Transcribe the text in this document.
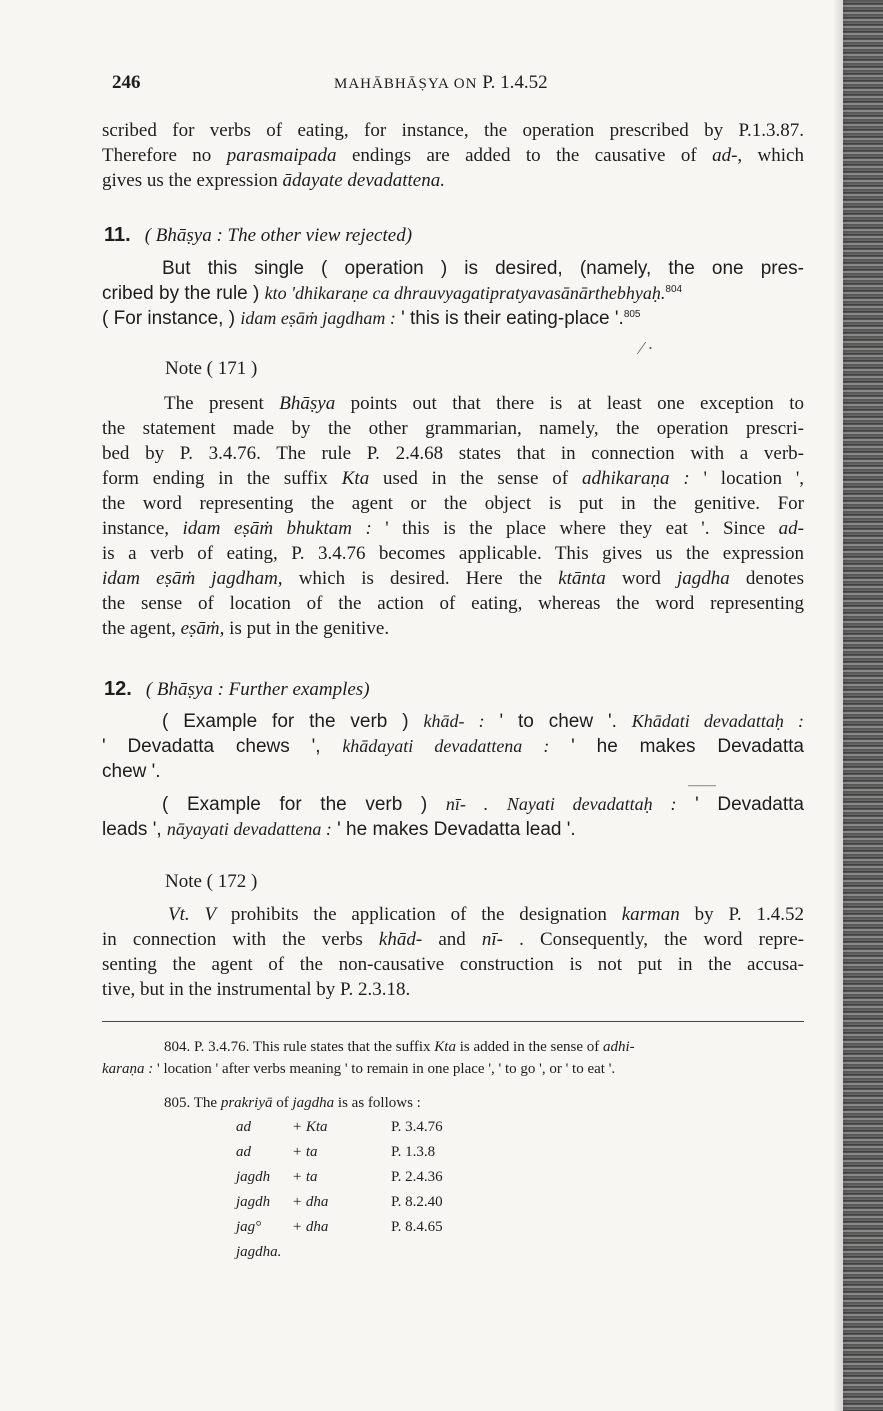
246	MAHĀBHĀṢYA ON P. 1.4.52
scribed for verbs of eating, for instance, the operation prescribed by P.1.3.87.
Therefore no parasmaipada endings are added to the causative of ad-, which
gives us the expression ādayate devadattena.
11. ( Bhāṣya : The other view rejected)
But this single ( operation ) is desired, (namely, the one pres-
cribed by the rule ) kto 'dhikaraṇe ca dhrauvyagatipratyavasānārthebhyaḥ.$^{804}$
( For instance, ) idam eṣāṁ jagdham : ' this is their eating-place '.$^{805}$
⁄ ·
Note ( 171 )
The present Bhāṣya points out that there is at least one exception to
the statement made by the other grammarian, namely, the operation prescri-
bed by P. 3.4.76. The rule P. 2.4.68 states that in connection with a verb-
form ending in the suffix Kta used in the sense of adhikaraṇa : ' location ',
the word representing the agent or the object is put in the genitive. For
instance, idam eṣāṁ bhuktam : ' this is the place where they eat '. Since ad-
is a verb of eating, P. 3.4.76 becomes applicable. This gives us the expression
idam eṣāṁ jagdham, which is desired. Here the ktānta word jagdha denotes
the sense of location of the action of eating, whereas the word representing
the agent, eṣāṁ, is put in the genitive.
12. ( Bhāṣya : Further examples)
( Example for the verb ) khād- : ' to chew '. Khādati devadattaḥ :
' Devadatta chews ', khādayati devadattena : ' he makes Devadatta
chew '.
( Example for the verb ) nī- . Nayati devadattaḥ : ' Devadatta
leads ', nāyayati devadattena : ' he makes Devadatta lead '.
——
Note ( 172 )
Vt. V prohibits the application of the designation karman by P. 1.4.52
in connection with the verbs khād- and nī- . Consequently, the word repre-
senting the agent of the non-causative construction is not put in the accusa-
tive, but in the instrumental by P. 2.3.18.
804. P. 3.4.76. This rule states that the suffix Kta is added in the sense of adhi-
karaṇa : ' location ' after verbs meaning ' to remain in one place ', ' to go ', or ' to eat '.
805. The prakriyā of jagdha is as follows :
ad	+ Kta	P. 3.4.76
ad	+ ta	P. 1.3.8
jagdh + ta	P. 2.4.36
jagdh + dha	P. 8.2.40
jag° + dha	P. 8.4.65
jagdha.
